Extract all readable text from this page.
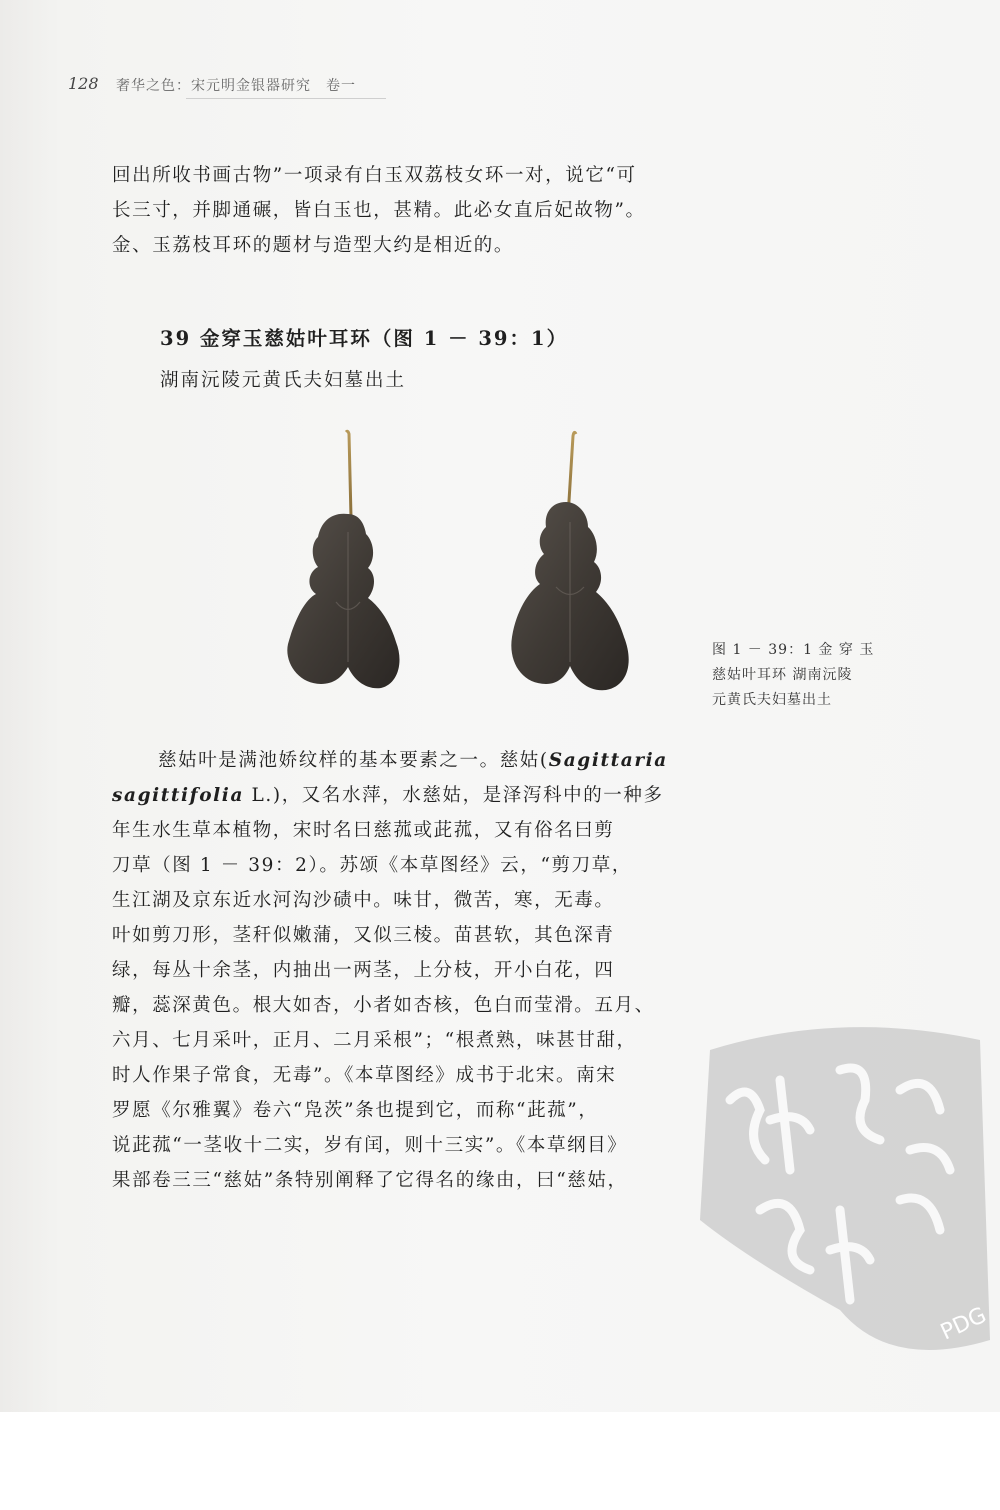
128 奢华之色：宋元明金银器研究　卷一
回出所收书画古物”一项录有白玉双荔枝女环一对，说它“可
长三寸，并脚通碾，皆白玉也，甚精。此必女直后妃故物”。
金、玉荔枝耳环的题材与造型大约是相近的。
39 金穿玉慈姑叶耳环（图 1 － 39：1）
湖南沅陵元黄氏夫妇墓出土
图 1 － 39：1 金 穿 玉
慈姑叶耳环 湖南沅陵
元黄氏夫妇墓出土
慈姑叶是满池娇纹样的基本要素之一。慈姑(Sagittaria
sagittifolia L.)，又名水萍，水慈姑，是泽泻科中的一种多
年生水生草本植物，宋时名曰慈菰或茈菰，又有俗名曰剪
刀草（图 1 － 39：2）。苏颂《本草图经》云，“剪刀草，
生江湖及京东近水河沟沙碛中。味甘，微苦，寒，无毒。
叶如剪刀形，茎秆似嫩蒲，又似三棱。苗甚软，其色深青
绿，每丛十余茎，内抽出一两茎，上分枝，开小白花，四
瓣，蕊深黄色。根大如杏，小者如杏核，色白而莹滑。五月、
六月、七月采叶，正月、二月采根”；“根煮熟，味甚甘甜，
时人作果子常食，无毒”。《本草图经》成书于北宋。南宋
罗愿《尔雅翼》卷六“凫茨”条也提到它，而称“茈菰”，
说茈菰“一茎收十二实，岁有闰，则十三实”。《本草纲目》
果部卷三三“慈姑”条特别阐释了它得名的缘由，曰“慈姑，
PDG
